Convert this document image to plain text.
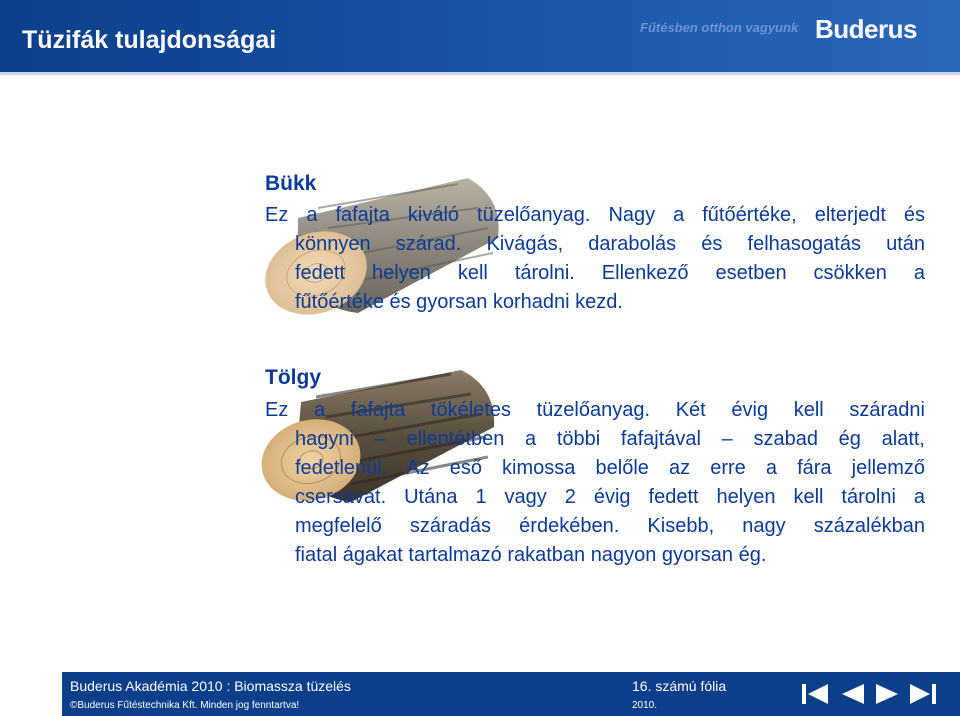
Tüzifák tulajdonságai	Fűtésben otthon vagyunk Buderus
Bükk
Ez a fafajta kiváló tüzelőanyag. Nagy a fűtőértéke, elterjedt és
könnyen szárad. Kivágás, darabolás és felhasogatás után
fedett helyen kell tárolni. Ellenkező esetben csökken a
fűtőértéke és gyorsan korhadni kezd.
Tölgy
Ez a fafajta tökéletes tüzelőanyag. Két évig kell száradni
hagyni – ellentétben a többi fafajtával – szabad ég alatt,
fedetlenül. Az eső kimossa belőle az erre a fára jellemző
csersavat. Utána 1 vagy 2 évig fedett helyen kell tárolni a
megfelelő száradás érdekében. Kisebb, nagy százalékban
fiatal ágakat tartalmazó rakatban nagyon gyorsan ég.
Buderus Akadémia 2010 : Biomassza tüzelés
©Buderus Fűtéstechnika Kft. Minden jog fenntartva!
16. számú fólia
2010.
